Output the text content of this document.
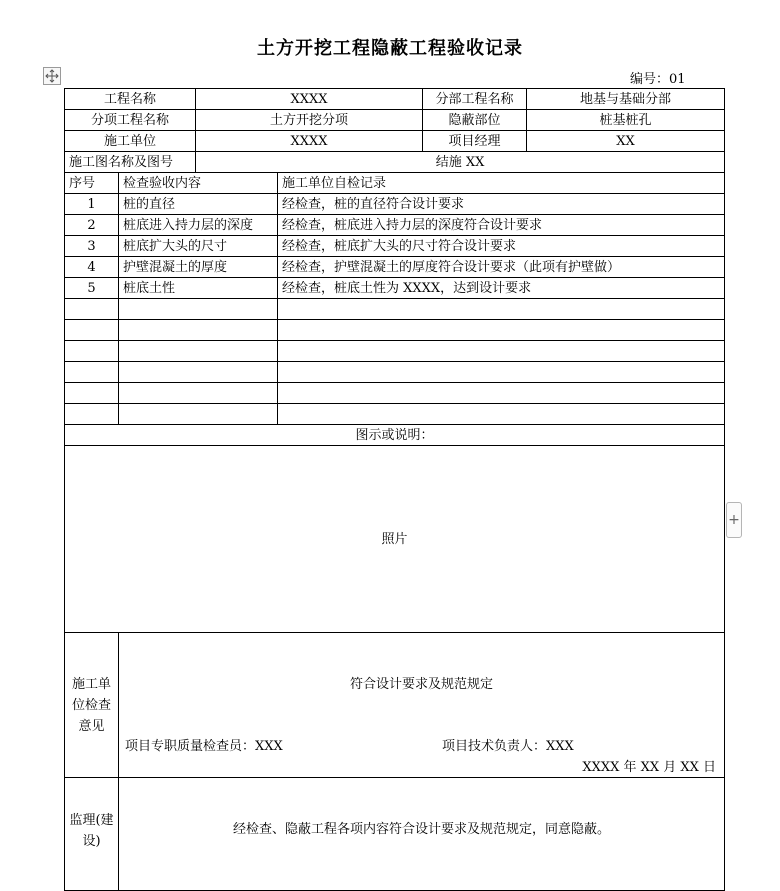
土方开挖工程隐蔽工程验收记录
编号：01
+
工程名称		XXXX		分部工程名称	地基与基础分部
分项工程名称		土方开挖分项		隐蔽部位	桩基桩孔
施工单位		XXXX		项目经理	XX
施工图名称及图号		结施 XX			
序号	检查验收内容		施工单位自检记录		
1	桩的直径		经检查，桩的直径符合设计要求		
2	桩底进入持力层的深度		经检查，桩底进入持力层的深度符合设计要求		
3	桩底扩大头的尺寸		经检查，桩底扩大头的尺寸符合设计要求		
4	护壁混凝土的厚度		经检查，护壁混凝土的厚度符合设计要求（此项有护壁做）		
5	桩底土性		经检查，桩底土性为 XXXX，达到设计要求		

图示或说明：					
照片					
施工单位检查意见	符合设计要求及规范规定
项目专职质量检查员：XXX 项目技术负责人：XXX
XXXX 年 XX 月 XX 日				

监理(建设)	经检查、隐蔽工程各项内容符合设计要求及规范规定，同意隐蔽。				
